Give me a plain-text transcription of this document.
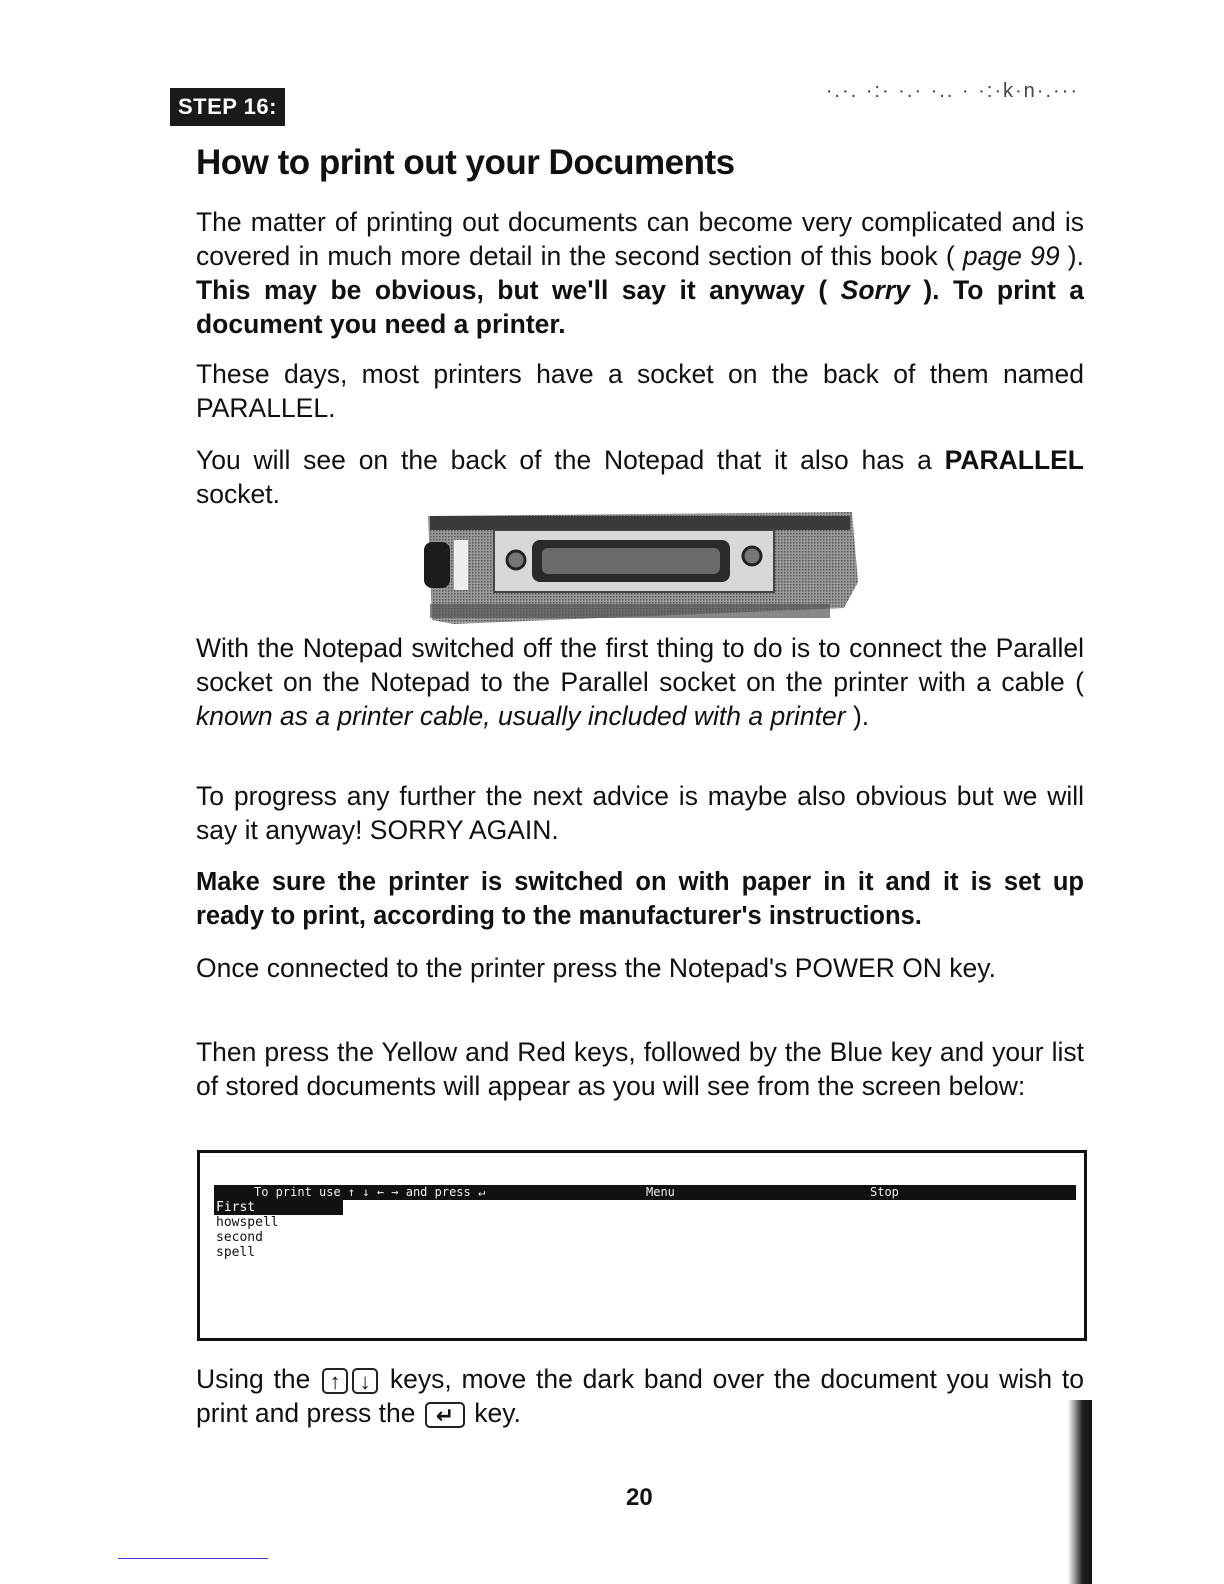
STEP 16:
·.·. ·:· ·.· ·.. · ·:·k·n·.···
How to print out your Documents

The matter of printing out documents can become very complicated and is covered in much more detail in the second section of this book ( page 99 ). This may be obvious, but we'll say it anyway ( Sorry ). To print a document you need a printer.

These days, most printers have a socket on the back of them named PARALLEL.

You will see on the back of the Notepad that it also has a PARALLEL socket.

With the Notepad switched off the first thing to do is to connect the Parallel socket on the Notepad to the Parallel socket on the printer with a cable ( known as a printer cable, usually included with a printer ).

To progress any further the next advice is maybe also obvious but we will say it anyway! SORRY AGAIN.

Make sure the printer is switched on with paper in it and it is set up ready to print, according to the manufacturer's instructions.

Once connected to the printer press the Notepad's POWER ON key.

Then press the Yellow and Red keys, followed by the Blue key and your list of stored documents will appear as you will see from the screen below:

To print use ↑ ↓ ← → and press ↵	Menu	Stop
First
howspell
second
spell

Using the ↑ ↓ keys, move the dark band over the document you wish to print and press the ↵ key.

20
